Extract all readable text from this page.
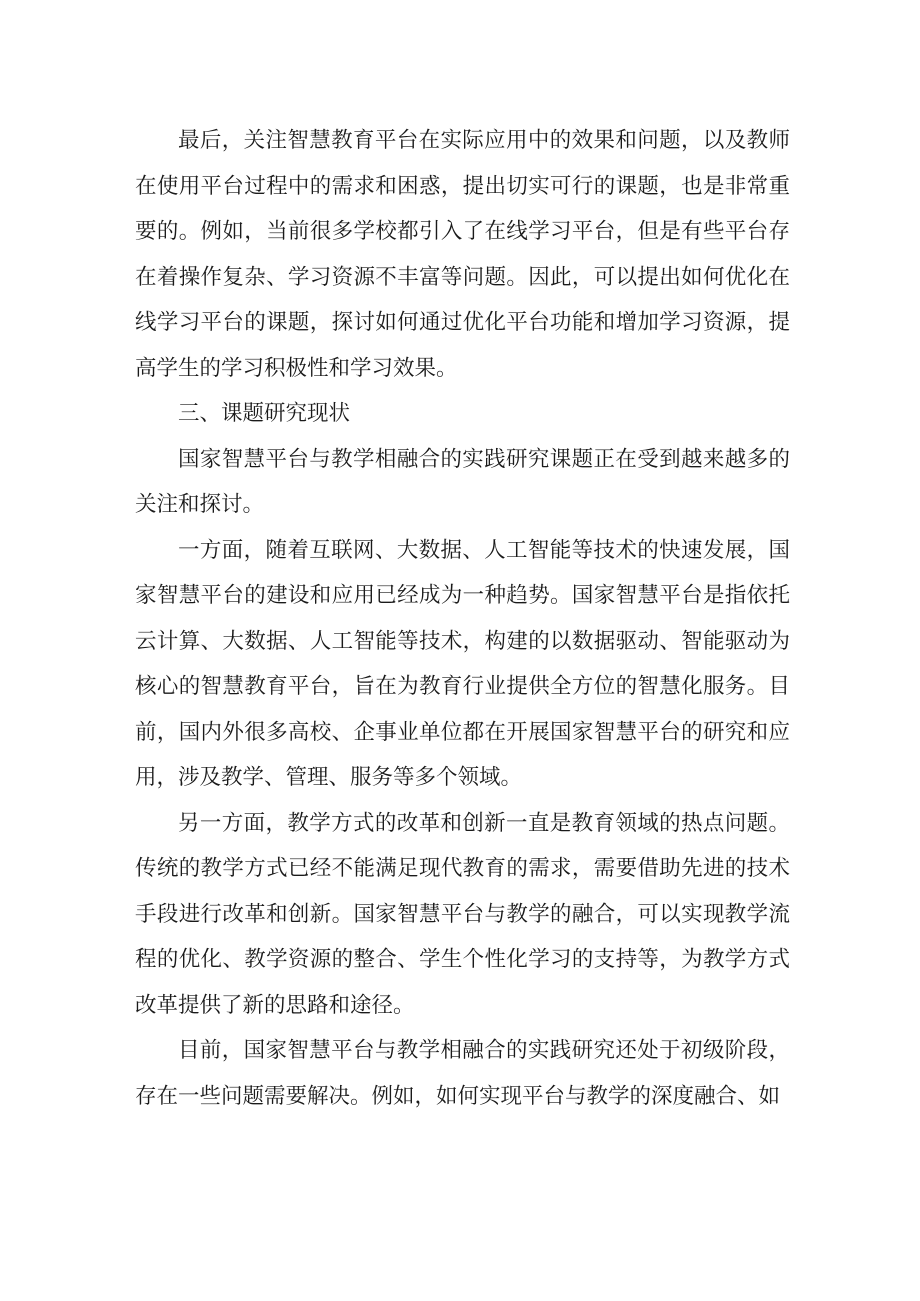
最后，关注智慧教育平台在实际应用中的效果和问题，以及教师在使用平台过程中的需求和困惑，提出切实可行的课题，也是非常重要的。例如，当前很多学校都引入了在线学习平台，但是有些平台存在着操作复杂、学习资源不丰富等问题。因此，可以提出如何优化在线学习平台的课题，探讨如何通过优化平台功能和增加学习资源，提高学生的学习积极性和学习效果。

三、课题研究现状

国家智慧平台与教学相融合的实践研究课题正在受到越来越多的关注和探讨。

一方面，随着互联网、大数据、人工智能等技术的快速发展，国家智慧平台的建设和应用已经成为一种趋势。国家智慧平台是指依托云计算、大数据、人工智能等技术，构建的以数据驱动、智能驱动为核心的智慧教育平台，旨在为教育行业提供全方位的智慧化服务。目前，国内外很多高校、企事业单位都在开展国家智慧平台的研究和应用，涉及教学、管理、服务等多个领域。

另一方面，教学方式的改革和创新一直是教育领域的热点问题。传统的教学方式已经不能满足现代教育的需求，需要借助先进的技术手段进行改革和创新。国家智慧平台与教学的融合，可以实现教学流程的优化、教学资源的整合、学生个性化学习的支持等，为教学方式改革提供了新的思路和途径。

目前，国家智慧平台与教学相融合的实践研究还处于初级阶段，存在一些问题需要解决。例如，如何实现平台与教学的深度融合、如
